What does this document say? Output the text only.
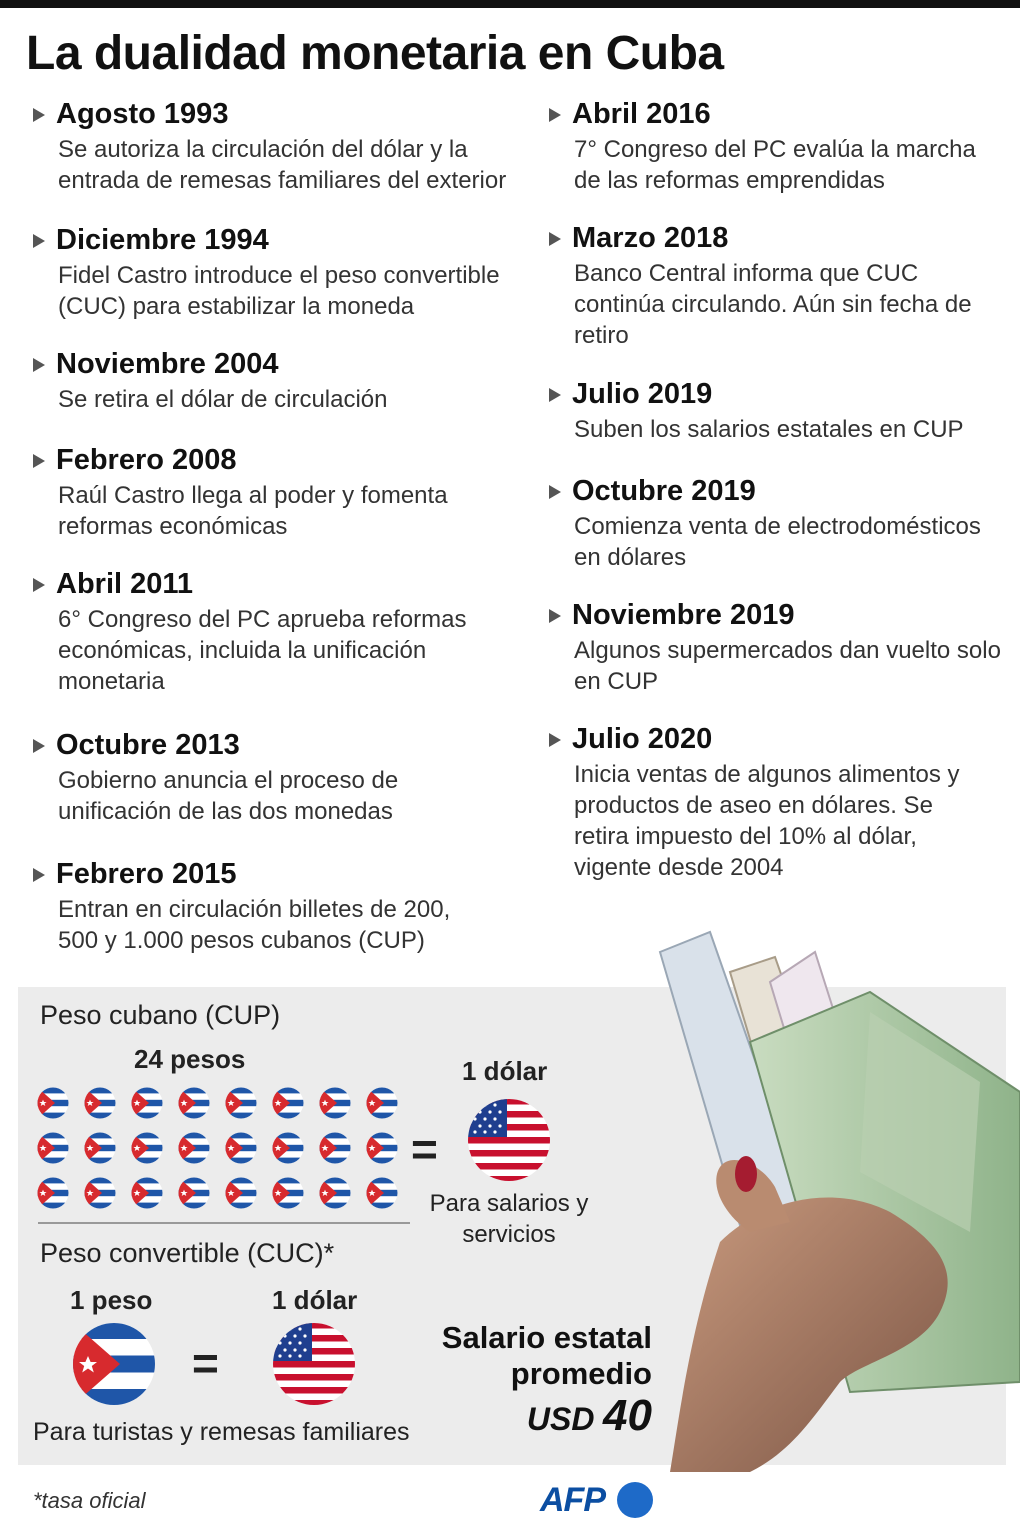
La dualidad monetaria en Cuba
Agosto 1993
Se autoriza la circulación del dólar y la entrada de remesas familiares del exterior
Diciembre 1994
Fidel Castro introduce el peso convertible (CUC) para estabilizar la moneda
Noviembre 2004
Se retira el dólar de circulación
Febrero 2008
Raúl Castro llega al poder y fomenta reformas económicas
Abril 2011
6° Congreso del PC aprueba reformas económicas, incluida la unificación monetaria
Octubre 2013
Gobierno anuncia el proceso de unificación de las dos monedas
Febrero 2015
Entran en circulación billetes de 200, 500 y 1.000 pesos cubanos (CUP)
Abril 2016
7° Congreso del PC evalúa la marcha de las reformas emprendidas
Marzo 2018
Banco Central informa que CUC continúa circulando. Aún sin fecha de retiro
Julio 2019
Suben los salarios estatales en CUP
Octubre 2019
Comienza venta de electrodomésticos en dólares
Noviembre 2019
Algunos supermercados dan vuelto solo en CUP
Julio 2020
Inicia ventas de algunos alimentos y productos de aseo en dólares. Se retira impuesto del 10% al dólar, vigente desde 2004
Peso cubano (CUP)
24 pesos
=
1 dólar
Para salarios y servicios
Peso convertible (CUC)*
1 peso	1 dólar
=
Para turistas y remesas familiares
Salario estatal
promedio
USD 40
*tasa oficial	AFP
